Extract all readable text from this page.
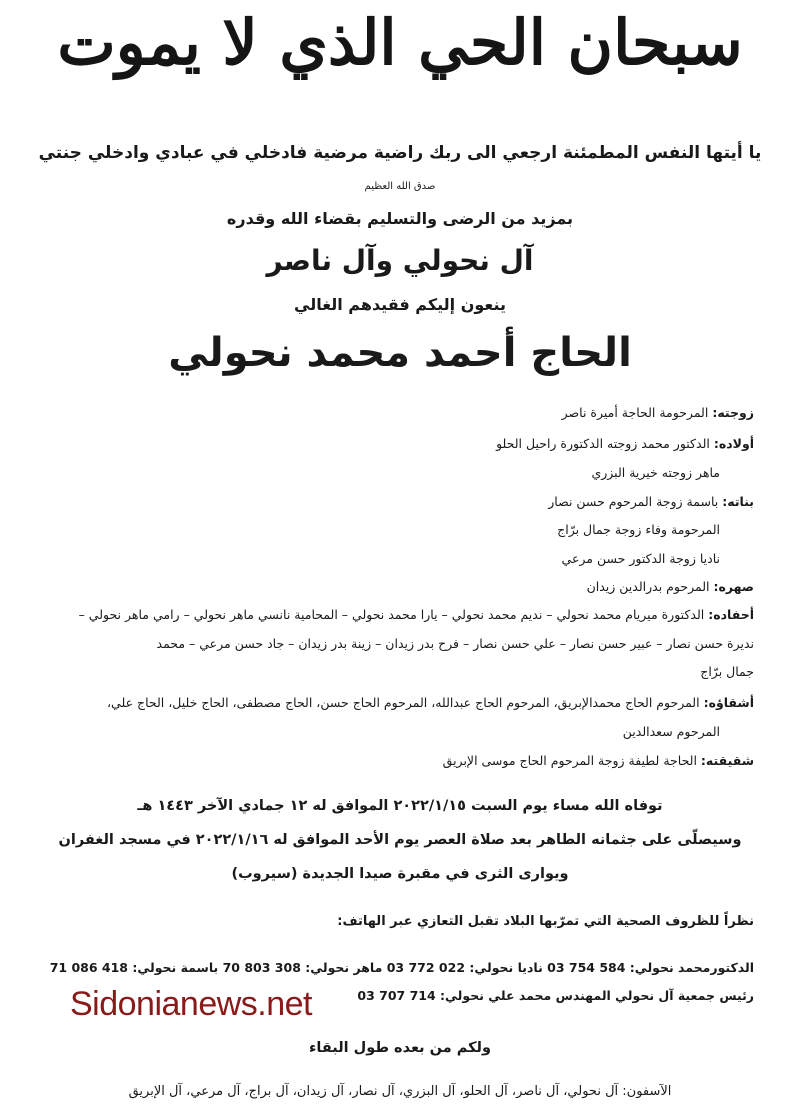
سبحان الحي الذي لا يموت
يا أيتها النفس المطمئنة ارجعي الى ربك راضية مرضية فادخلي في عبادي وادخلي جنتي
صدق الله العظيم
بمزيد من الرضى والتسليم بقضاء الله وقدره
آل نحولي وآل ناصر
ينعون إليكم فقيدهم الغالي
الحاج أحمد محمد نحولي
زوجته: المرحومة الحاجة أميرة ناصر
أولاده: الدكتور محمد زوجته الدكتورة راحيل الحلو
ماهر زوجته خيرية البزري
بناته: باسمة زوجة المرحوم حسن نصار
المرحومة وفاء زوجة جمال برّاج
ناديا زوجة الدكتور حسن مرعي
صهره: المرحوم بدرالدين زيدان
أحفاده: الدكتورة ميريام محمد نحولي – نديم محمد نحولي – يارا محمد نحولي – المحامية نانسي ماهر نحولي – رامي ماهر نحولي –
نديرة حسن نصار – عبير حسن نصار – علي حسن نصار – فرح بدر زيدان – زينة بدر زيدان – جاد حسن مرعي – محمد
جمال برّاج
أشقاؤه: المرحوم الحاج محمدالإبريق، المرحوم الحاج عبدالله، المرحوم الحاج حسن، الحاج مصطفى، الحاج خليل، الحاج علي،
المرحوم سعدالدين
شقيقته: الحاجة لطيفة زوجة المرحوم الحاج موسى الإبريق
توفاه الله مساء يوم السبت ٢٠٢٢/١/١٥ الموافق له ١٢ جمادي الآخر ١٤٤٣ هـ
وسيصلّى على جثمانه الطاهر بعد صلاة العصر يوم الأحد الموافق له ٢٠٢٢/١/١٦ في مسجد الغفران
ويوارى الثرى في مقبرة صيدا الجديدة (سيروب)
نظراً للظروف الصحية التي تمرّبها البلاد تقبل التعازي عبر الهاتف:
الدكتورمحمد نحولي: 584 754 03 ناديا نحولي: 022 772 03 ماهر نحولي: 308 803 70 باسمة نحولي: 418 086 71
رئيس جمعية آل نحولي المهندس محمد علي نحولي: 714 707 03
Sidonianews.net
ولكم من بعده طول البقاء
الآسفون: آل نحولي، آل ناصر، آل الحلو، آل البزري، آل نصار، آل زيدان، آل براج، آل مرعي، آل الإبريق
